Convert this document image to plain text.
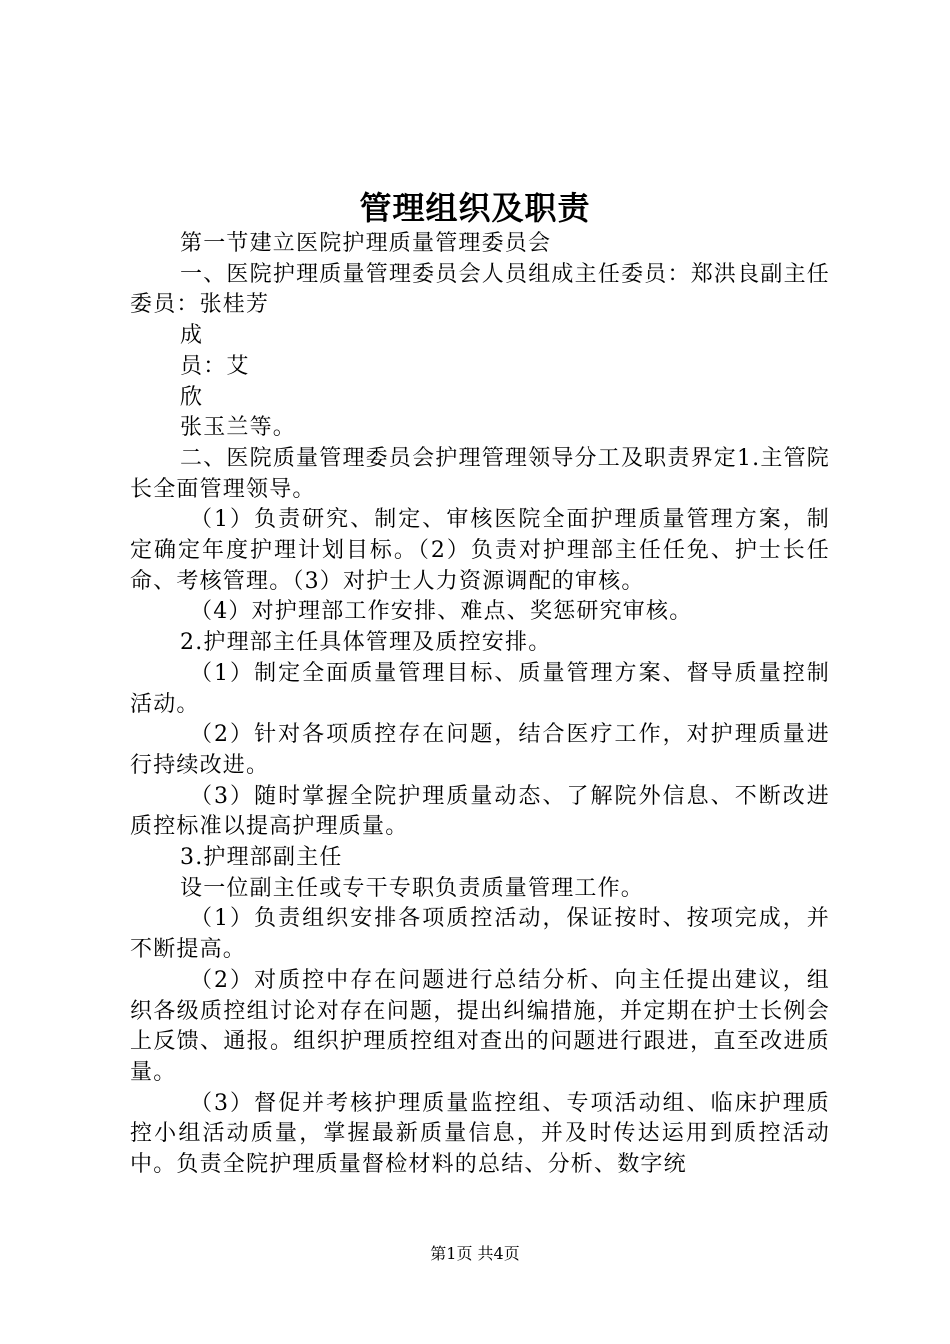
管理组织及职责

第一节建立医院护理质量管理委员会

一、医院护理质量管理委员会人员组成主任委员：郑洪良副主任委员：张桂芳

成

员：艾

欣

张玉兰等。

二、医院质量管理委员会护理管理领导分工及职责界定1.主管院长全面管理领导。

（1）负责研究、制定、审核医院全面护理质量管理方案，制定确定年度护理计划目标。（2）负责对护理部主任任免、护士长任命、考核管理。（3）对护士人力资源调配的审核。

（4）对护理部工作安排、难点、奖惩研究审核。

2.护理部主任具体管理及质控安排。

（1）制定全面质量管理目标、质量管理方案、督导质量控制活动。

（2）针对各项质控存在问题，结合医疗工作，对护理质量进行持续改进。

（3）随时掌握全院护理质量动态、了解院外信息、不断改进质控标准以提高护理质量。

3.护理部副主任

设一位副主任或专干专职负责质量管理工作。

（1）负责组织安排各项质控活动，保证按时、按项完成，并不断提高。

（2）对质控中存在问题进行总结分析、向主任提出建议，组织各级质控组讨论对存在问题，提出纠编措施，并定期在护士长例会上反馈、通报。组织护理质控组对查出的问题进行跟进，直至改进质量。

（3）督促并考核护理质量监控组、专项活动组、临床护理质控小组活动质量，掌握最新质量信息，并及时传达运用到质控活动中。负责全院护理质量督检材料的总结、分析、数字统

第1页 共4页
